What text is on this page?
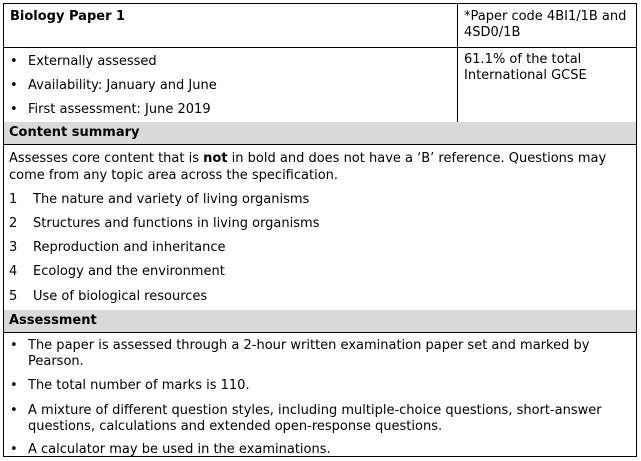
Biology Paper 1	*Paper code 4BI1/1B and 4SD0/1B
• Externally assessed
• Availability: January and June
• First assessment: June 2019
61.1% of the total International GCSE
Content summary
Assesses core content that is not in bold and does not have a ‘B’ reference. Questions may come from any topic area across the specification.
1 The nature and variety of living organisms
2 Structures and functions in living organisms
3 Reproduction and inheritance
4 Ecology and the environment
5 Use of biological resources
Assessment
• The paper is assessed through a 2-hour written examination paper set and marked by Pearson.
• The total number of marks is 110.
• A mixture of different question styles, including multiple-choice questions, short-answer questions, calculations and extended open-response questions.
• A calculator may be used in the examinations.
